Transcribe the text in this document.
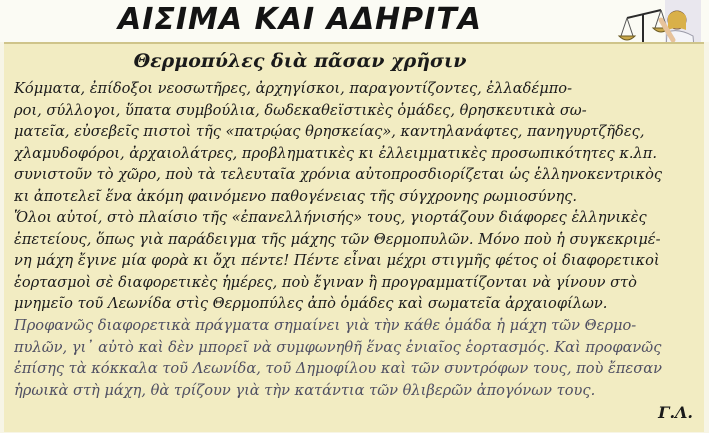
ΑΙΣΙΜΑ ΚΑΙ ΑΔΗΡΙΤΑ
Θερμοπύλες διὰ πᾶσαν χρῆσιν
Κόμματα, ἐπίδοξοι νεοσωτῆρες, ἀρχηγίσκοι, παραγοντίζοντες, ἐλλαδέμπο-
ροι, σύλλογοι, ὕπατα συμβούλια, δωδεκαθεϊστικὲς ὁμάδες, θρησκευτικὰ σω-
ματεῖα, εὐσεβεῖς πιστοὶ τῆς «πατρῴας θρησκείας», καντηλανάφτες, πανηγυρτζῆδες,
χλαμυδοφόροι, ἀρχαιολάτρες, προβληματικὲς κι ἐλλειμματικὲς προσωπικότητες κ.λπ.
συνιστοῦν τὸ χῶρο, ποὺ τὰ τελευταῖα χρόνια αὐτοπροσδιορίζεται ὡς ἑλληνοκεντρικὸς
κι ἀποτελεῖ ἕνα ἀκόμη φαινόμενο παθογένειας τῆς σύγχρονης ρωμιοσύνης.
Ὅλοι αὐτοί, στὸ πλαίσιο τῆς «ἐπανελλήνισής» τους, γιορτάζουν διάφορες ἑλληνικὲς
ἐπετείους, ὅπως γιὰ παράδειγμα τῆς μάχης τῶν Θερμοπυλῶν. Μόνο ποὺ ἡ συγκεκριμέ-
νη μάχη ἔγινε μία φορὰ κι ὄχι πέντε! Πέντε εἶναι μέχρι στιγμῆς φέτος οἱ διαφορετικοὶ
ἑορτασμοὶ σὲ διαφορετικὲς ἡμέρες, ποὺ ἔγιναν ἢ προγραμματίζονται νὰ γίνουν στὸ
μνημεῖο τοῦ Λεωνίδα στὶς Θερμοπύλες ἀπὸ ὁμάδες καὶ σωματεῖα ἀρχαιοφίλων.
Προφανῶς διαφορετικὰ πράγματα σημαίνει γιὰ τὴν κάθε ὁμάδα ἡ μάχη τῶν Θερμο-
πυλῶν, γι᾽ αὐτὸ καὶ δὲν μπορεῖ νὰ συμφωνηθῆ ἕνας ἐνιαῖος ἑορτασμός. Καὶ προφανῶς
ἐπίσης τὰ κόκκαλα τοῦ Λεωνίδα, τοῦ Δημοφίλου καὶ τῶν συντρόφων τους, ποὺ ἔπεσαν
ἡρωικὰ στὴ μάχη, θὰ τρίζουν γιὰ τὴν κατάντια τῶν θλιβερῶν ἀπογόνων τους.
Γ.Λ.
